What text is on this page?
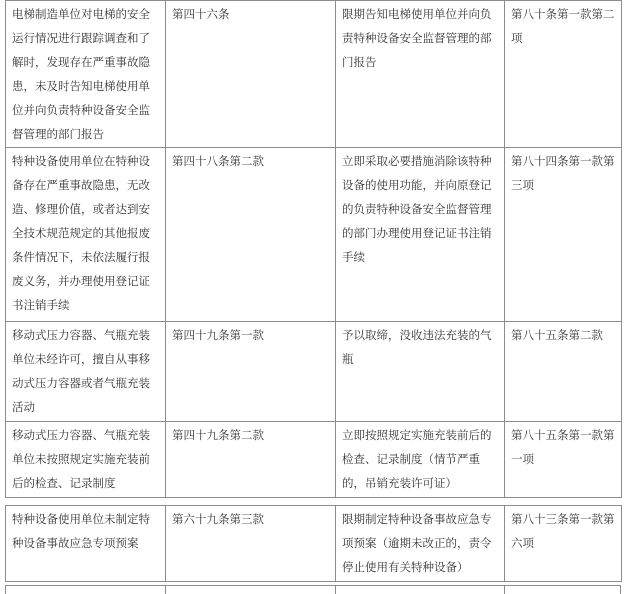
电梯制造单位对电梯的安全运行情况进行跟踪调查和了解时，发现存在严重事故隐患，未及时告知电梯使用单位并向负责特种设备安全监督管理的部门报告	第四十六条	限期告知电梯使用单位并向负责特种设备安全监督管理的部门报告	第八十条第一款第二项
特种设备使用单位在特种设备存在严重事故隐患，无改造、修理价值，或者达到安全技术规范规定的其他报废条件情况下，未依法履行报废义务，并办理使用登记证书注销手续	第四十八条第二款	立即采取必要措施消除该特种设备的使用功能，并向原登记的负责特种设备安全监督管理的部门办理使用登记证书注销手续	第八十四条第一款第三项
移动式压力容器、气瓶充装单位未经许可，擅自从事移动式压力容器或者气瓶充装活动	第四十九条第一款	予以取缔，没收违法充装的气瓶	第八十五条第二款
移动式压力容器、气瓶充装单位未按照规定实施充装前后的检查、记录制度	第四十九条第二款	立即按照规定实施充装前后的检查、记录制度（情节严重的，吊销充装许可证）	第八十五条第一款第一项
特种设备使用单位未制定特种设备事故应急专项预案	第六十九条第三款	限期制定特种设备事故应急专项预案（逾期未改正的，责令停止使用有关特种设备）	第八十三条第一款第六项
